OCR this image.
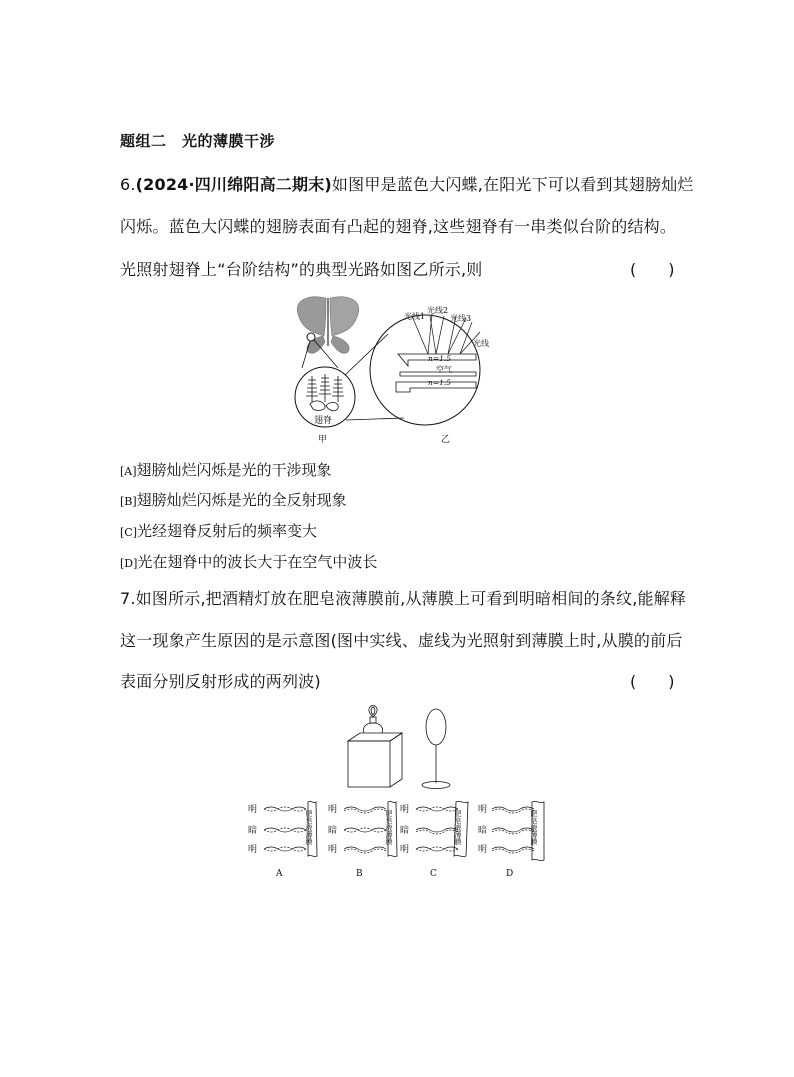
题组二　光的薄膜干涉
6.(2024·四川绵阳高二期末)如图甲是蓝色大闪蝶,在阳光下可以看到其翅膀灿烂
闪烁。蓝色大闪蝶的翅膀表面有凸起的翅脊,这些翅脊有一串类似台阶的结构。
光照射翅脊上“台阶结构”的典型光路如图乙所示,则	(　　)
翅脊
光线1
光线2
光线3
光线
n=1.5
空气
n=1.5
甲	乙
[A]翅膀灿烂闪烁是光的干涉现象
[B]翅膀灿烂闪烁是光的全反射现象
[C]光经翅脊反射后的频率变大
[D]光在翅脊中的波长大于在空气中波长
7.如图所示,把酒精灯放在肥皂液薄膜前,从薄膜上可看到明暗相间的条纹,能解释
这一现象产生原因的是示意图(图中实线、虚线为光照射到薄膜上时,从膜的前后
表面分别反射形成的两列波)	(　　)
明
暗
明
肥皂液薄膜
A
明
暗
明
肥皂液薄膜
B
明
暗
明
肥皂液薄膜
C
明
暗
明
肥皂液薄膜
D
